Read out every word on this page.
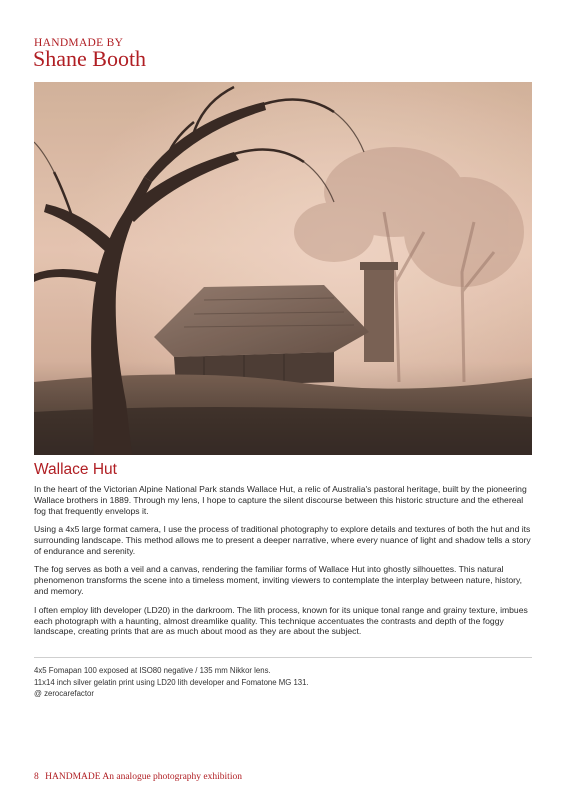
HANDMADE BY
Shane Booth
Wallace Hut

In the heart of the Victorian Alpine National Park stands Wallace Hut, a relic of Australia's pastoral heritage, built by the pioneering Wallace brothers in 1889. Through my lens, I hope to capture the silent discourse between this historic structure and the ethereal fog that frequently envelops it.

Using a 4x5 large format camera, I use the process of traditional photography to explore details and textures of both the hut and its surrounding landscape. This method allows me to present a deeper narrative, where every nuance of light and shadow tells a story of endurance and serenity.

The fog serves as both a veil and a canvas, rendering the familiar forms of Wallace Hut into ghostly silhouettes. This natural phenomenon transforms the scene into a timeless moment, inviting viewers to contemplate the interplay between nature, history, and memory.

I often employ lith developer (LD20) in the darkroom. The lith process, known for its unique tonal range and grainy texture, imbues each photograph with a haunting, almost dreamlike quality. This technique accentuates the contrasts and depth of the foggy landscape, creating prints that are as much about mood as they are about the subject.

4x5 Fomapan 100 exposed at ISO80 negative / 135 mm Nikkor lens.
11x14 inch silver gelatin print using LD20 lith developer and Fomatone MG 131.
@ zerocarefactor
8 HANDMADE An analogue photography exhibition
